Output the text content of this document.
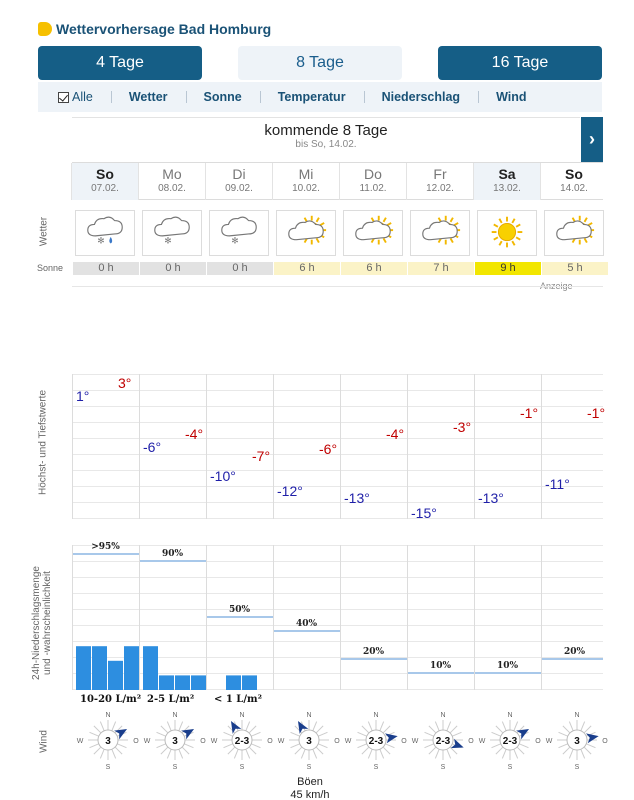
Wettervorhersage Bad Homburg
4 Tage	8 Tage	16 Tage
Alle	Wetter	Sonne	Temperatur	Niederschlag	Wind
kommende 8 Tage
bis So, 14.02.	›
So
07.02.
Mo
08.02.
Di
09.02.
Mi
10.02.
Do
11.02.
Fr
12.02.
Sa
13.02.
So
14.02.
Wetter	✻	✻	✻
Sonne	0 h	0 h	0 h	6 h	6 h	7 h	9 h	5 h
Anzeige
Höchst- und Tiefstwerte
3°
-4°
-7°	-6°
-4°	-3°
-1°	-1°
1°
-6°
-10°
-12°	-13°
-15°
-13°
-11°
24h-Niederschlagsmenge und -wahrscheinlichkeit
>95%
90%
50%
40%
20%
10%	10%
20%
10-20 L/m² 2-5 L/m² < 1 L/m²
Wind
N
S
W	O
3
N
S
W	O
3
N
S
W	O
2-3
N
S
W	O
3
N
S
W	O
2-3
N
S
W	O
2-3
N
S
W	O
2-3
N
S
W	O
3
Böen
45 km/h
